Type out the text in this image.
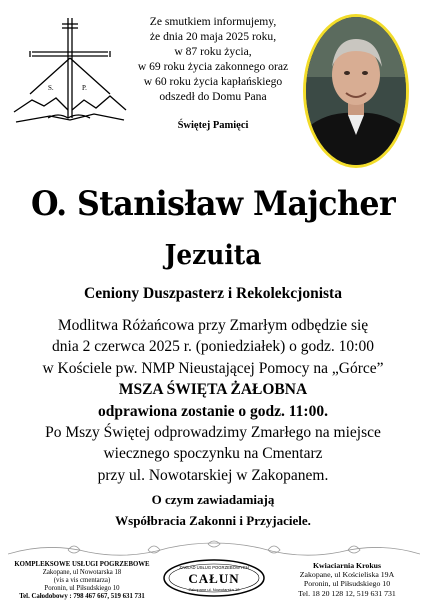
S.	P.
Ze smutkiem informujemy,
że dnia 20 maja 2025 roku,
w 87 roku życia,
w 69 roku życia zakonnego oraz
w 60 roku życia kapłańskiego
odszedł do Domu Pana
Świętej Pamięci
O. Stanisław Majcher
Jezuita
Ceniony Duszpasterz i Rekolekcjonista
Modlitwa Różańcowa przy Zmarłym odbędzie się
dnia 2 czerwca 2025 r. (poniedziałek) o godz. 10:00
w Kościele pw. NMP Nieustającej Pomocy na „Górce”
MSZA ŚWIĘTA ŻAŁOBNA
odprawiona zostanie o godz. 11:00.
Po Mszy Świętej odprowadzimy Zmarłego na miejsce
wiecznego spoczynku na Cmentarz
przy ul. Nowotarskiej w Zakopanem.
O czym zawiadamiają
Współbracia Zakonni i Przyjaciele.
KOMPLEKSOWE USŁUGI POGRZEBOWE
Zakopane, ul Nowotarska 18
(vis a vis cmentarza)
Poronin, ul Piłsudskiego 10
Tel. Całodobowy : 798 467 667, 519 631 731
ZAKŁAD USŁUG POGRZEBOWYCH
CAŁUN
Zakopane ul. Nowotarska 18
Kwiaciarnia Krokus
Zakopane, ul Kościeliska 19A
Poronin, ul Piłsudskiego 10
Tel. 18 20 128 12, 519 631 731
